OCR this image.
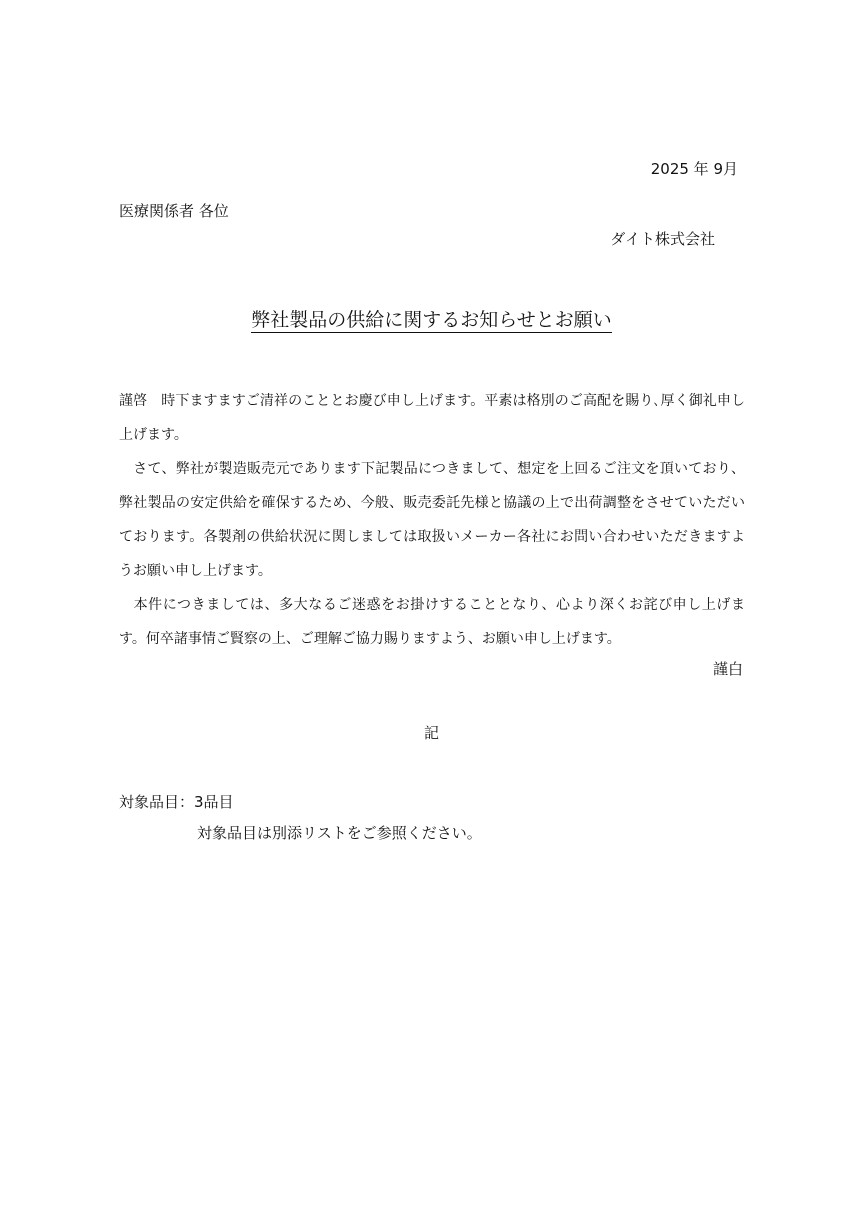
2025 年 9月
医療関係者 各位
ダイト株式会社
弊社製品の供給に関するお知らせとお願い

謹啓　時下ますますご清祥のこととお慶び申し上げます。平素は格別のご高配を賜り､厚く御礼申し上げます。

　さて、弊社が製造販売元であります下記製品につきまして、想定を上回るご注文を頂いており、弊社製品の安定供給を確保するため、今般、販売委託先様と協議の上で出荷調整をさせていただいております。各製剤の供給状況に関しましては取扱いメーカー各社にお問い合わせいただきますようお願い申し上げます。

　本件につきましては、多大なるご迷惑をお掛けすることとなり、心より深くお詫び申し上げます。何卒諸事情ご賢察の上、ご理解ご協力賜りますよう、お願い申し上げます。

謹白
記
対象品目：3品目
対象品目は別添リストをご参照ください。
